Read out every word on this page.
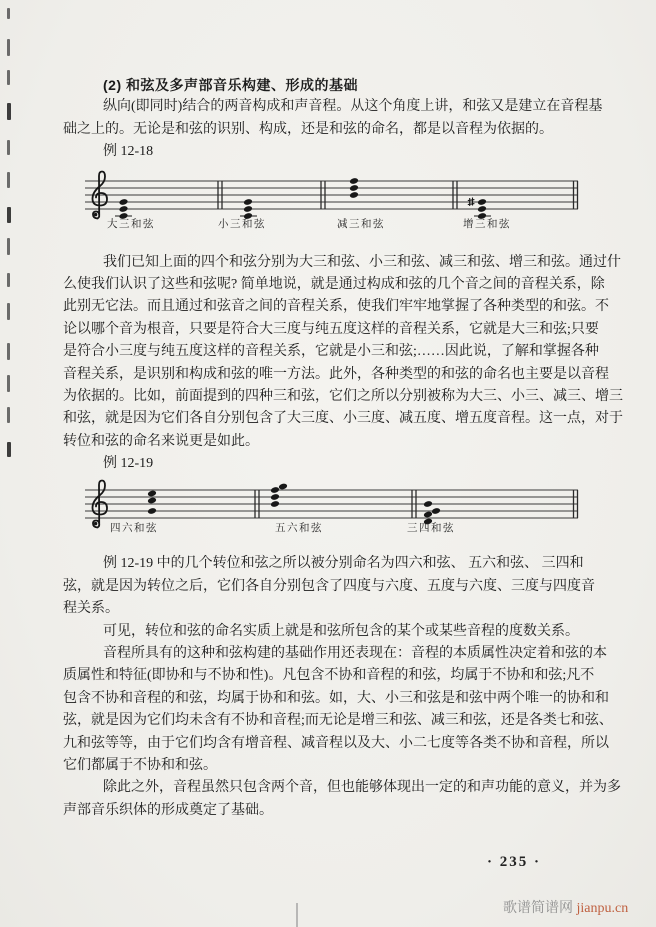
(2) 和弦及多声部音乐构建、形成的基础
纵向(即同时)结合的两音构成和声音程。从这个角度上讲，和弦又是建立在音程基
础之上的。无论是和弦的识别、构成，还是和弦的命名，都是以音程为依据的。
例 12-18
大三和弦	小三和弦	减三和弦	增三和弦
我们已知上面的四个和弦分别为大三和弦、小三和弦、减三和弦、增三和弦。通过什
么使我们认识了这些和弦呢? 简单地说，就是通过构成和弦的几个音之间的音程关系，除
此别无它法。而且通过和弦音之间的音程关系，使我们牢牢地掌握了各种类型的和弦。不
论以哪个音为根音，只要是符合大三度与纯五度这样的音程关系，它就是大三和弦;只要
是符合小三度与纯五度这样的音程关系，它就是小三和弦;……因此说，了解和掌握各种
音程关系，是识别和构成和弦的唯一方法。此外，各种类型的和弦的命名也主要是以音程
为依据的。比如，前面提到的四种三和弦，它们之所以分别被称为大三、小三、减三、增三
和弦，就是因为它们各自分别包含了大三度、小三度、减五度、增五度音程。这一点，对于
转位和弦的命名来说更是如此。
例 12-19
四六和弦	五六和弦	三四和弦
例 12-19 中的几个转位和弦之所以被分别命名为四六和弦、 五六和弦、 三四和
弦，就是因为转位之后，它们各自分别包含了四度与六度、五度与六度、三度与四度音
程关系。
可见，转位和弦的命名实质上就是和弦所包含的某个或某些音程的度数关系。
音程所具有的这种和弦构建的基础作用还表现在：音程的本质属性决定着和弦的本
质属性和特征(即协和与不协和性)。凡包含不协和音程的和弦，均属于不协和和弦;凡不
包含不协和音程的和弦，均属于协和和弦。如，大、小三和弦是和弦中两个唯一的协和和
弦，就是因为它们均未含有不协和音程;而无论是增三和弦、减三和弦，还是各类七和弦、
九和弦等等，由于它们均含有增音程、减音程以及大、小二七度等各类不协和音程，所以
它们都属于不协和和弦。
除此之外，音程虽然只包含两个音，但也能够体现出一定的和声功能的意义，并为多
声部音乐织体的形成奠定了基础。
· 235 ·
歌谱简谱网 jianpu.cn
